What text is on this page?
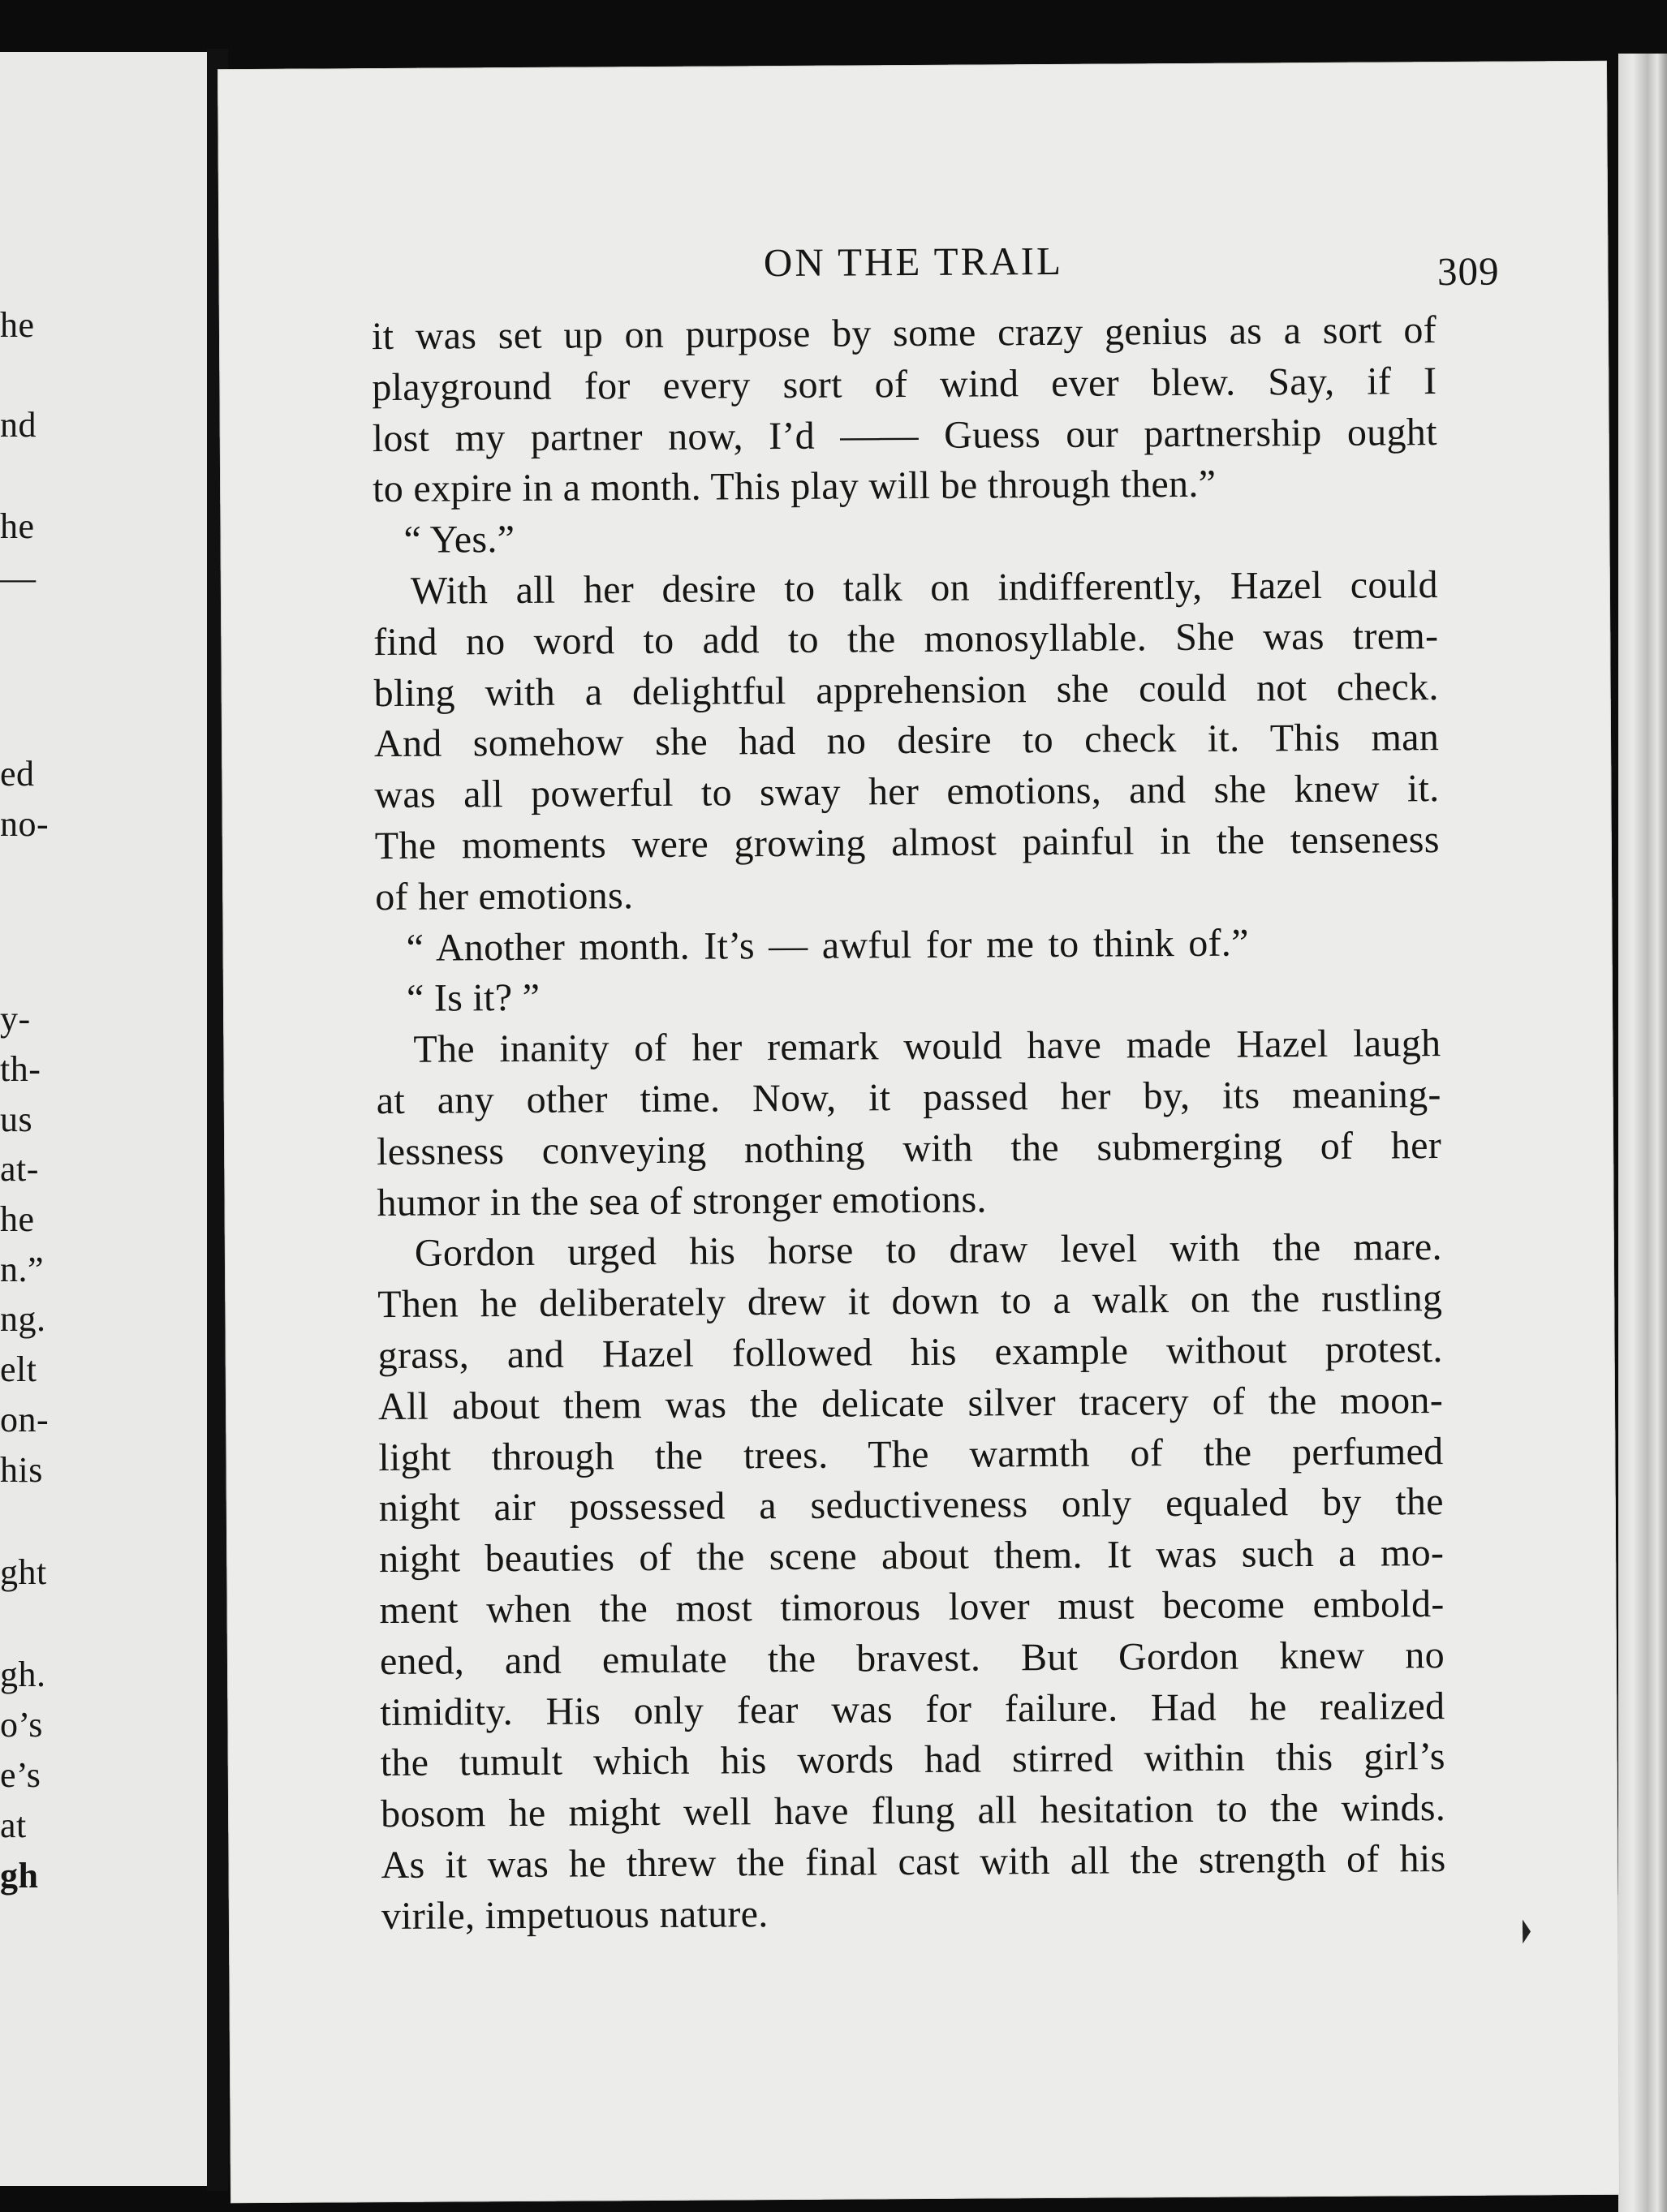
he
nd
he
—
ed
no-
y-
th-
us
at-
he
n.”
ng.
elt
on-
his
ght
gh.
o’s
e’s
at
gh
ON THE TRAIL	309
it was set up on purpose by some crazy genius as a sort of
playground for every sort of wind ever blew. Say, if I
lost my partner now, I’d —— Guess our partnership ought
to expire in a month. This play will be through then.”
“ Yes.”
With all her desire to talk on indifferently, Hazel could
find no word to add to the monosyllable. She was trem-
bling with a delightful apprehension she could not check.
And somehow she had no desire to check it. This man
was all powerful to sway her emotions, and she knew it.
The moments were growing almost painful in the tenseness
of her emotions.
“ Another month. It’s — awful for me to think of.”
“ Is it? ”
The inanity of her remark would have made Hazel laugh
at any other time. Now, it passed her by, its meaning-
lessness conveying nothing with the submerging of her
humor in the sea of stronger emotions.
Gordon urged his horse to draw level with the mare.
Then he deliberately drew it down to a walk on the rustling
grass, and Hazel followed his example without protest.
All about them was the delicate silver tracery of the moon-
light through the trees. The warmth of the perfumed
night air possessed a seductiveness only equaled by the
night beauties of the scene about them. It was such a mo-
ment when the most timorous lover must become embold-
ened, and emulate the bravest. But Gordon knew no
timidity. His only fear was for failure. Had he realized
the tumult which his words had stirred within this girl’s
bosom he might well have flung all hesitation to the winds.
As it was he threw the final cast with all the strength of his
virile, impetuous nature.
